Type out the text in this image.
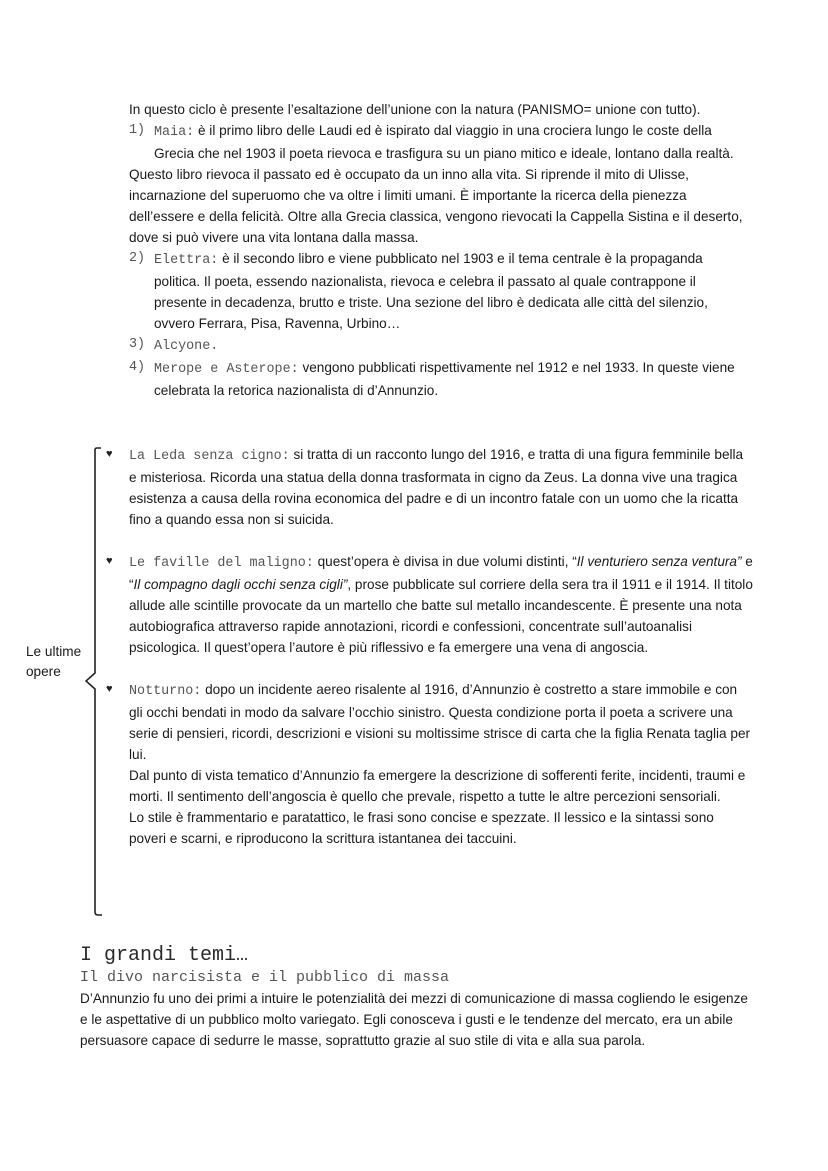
In questo ciclo è presente l’esaltazione dell’unione con la natura (PANISMO= unione con tutto).

1) Maia: è il primo libro delle Laudi ed è ispirato dal viaggio in una crociera lungo le coste della Grecia che nel 1903 il poeta rievoca e trasfigura su un piano mitico e ideale, lontano dalla realtà.

Questo libro rievoca il passato ed è occupato da un inno alla vita. Si riprende il mito di Ulisse, incarnazione del superuomo che va oltre i limiti umani. È importante la ricerca della pienezza dell’essere e della felicità. Oltre alla Grecia classica, vengono rievocati la Cappella Sistina e il deserto, dove si può vivere una vita lontana dalla massa.

2) Elettra: è il secondo libro e viene pubblicato nel 1903 e il tema centrale è la propaganda politica. Il poeta, essendo nazionalista, rievoca e celebra il passato al quale contrappone il presente in decadenza, brutto e triste. Una sezione del libro è dedicata alle città del silenzio, ovvero Ferrara, Pisa, Ravenna, Urbino…
3) Alcyone.
4) Merope e Asterope: vengono pubblicati rispettivamente nel 1912 e nel 1933. In queste viene celebrata la retorica nazionalista di d’Annunzio.
Le ultime opere
♥ La Leda senza cigno: si tratta di un racconto lungo del 1916, e tratta di una figura femminile bella e misteriosa. Ricorda una statua della donna trasformata in cigno da Zeus. La donna vive una tragica esistenza a causa della rovina economica del padre e di un incontro fatale con un uomo che la ricatta fino a quando essa non si suicida.
♥ Le faville del maligno: quest’opera è divisa in due volumi distinti, “Il venturiero senza ventura” e “Il compagno dagli occhi senza cigli”, prose pubblicate sul corriere della sera tra il 1911 e il 1914. Il titolo allude alle scintille provocate da un martello che batte sul metallo incandescente. È presente una nota autobiografica attraverso rapide annotazioni, ricordi e confessioni, concentrate sull’autoanalisi psicologica. Il quest’opera l’autore è più riflessivo e fa emergere una vena di angoscia.
♥ Notturno: dopo un incidente aereo risalente al 1916, d’Annunzio è costretto a stare immobile e con gli occhi bendati in modo da salvare l’occhio sinistro. Questa condizione porta il poeta a scrivere una serie di pensieri, ricordi, descrizioni e visioni su moltissime strisce di carta che la figlia Renata taglia per lui.

Dal punto di vista tematico d’Annunzio fa emergere la descrizione di sofferenti ferite, incidenti, traumi e morti. Il sentimento dell’angoscia è quello che prevale, rispetto a tutte le altre percezioni sensoriali.

Lo stile è frammentario e paratattico, le frasi sono concise e spezzate. Il lessico e la sintassi sono poveri e scarni, e riproducono la scrittura istantanea dei taccuini.

I grandi temi…
Il divo narcisista e il pubblico di massa

D’Annunzio fu uno dei primi a intuire le potenzialità dei mezzi di comunicazione di massa cogliendo le esigenze e le aspettative di un pubblico molto variegato. Egli conosceva i gusti e le tendenze del mercato, era un abile persuasore capace di sedurre le masse, soprattutto grazie al suo stile di vita e alla sua parola.
